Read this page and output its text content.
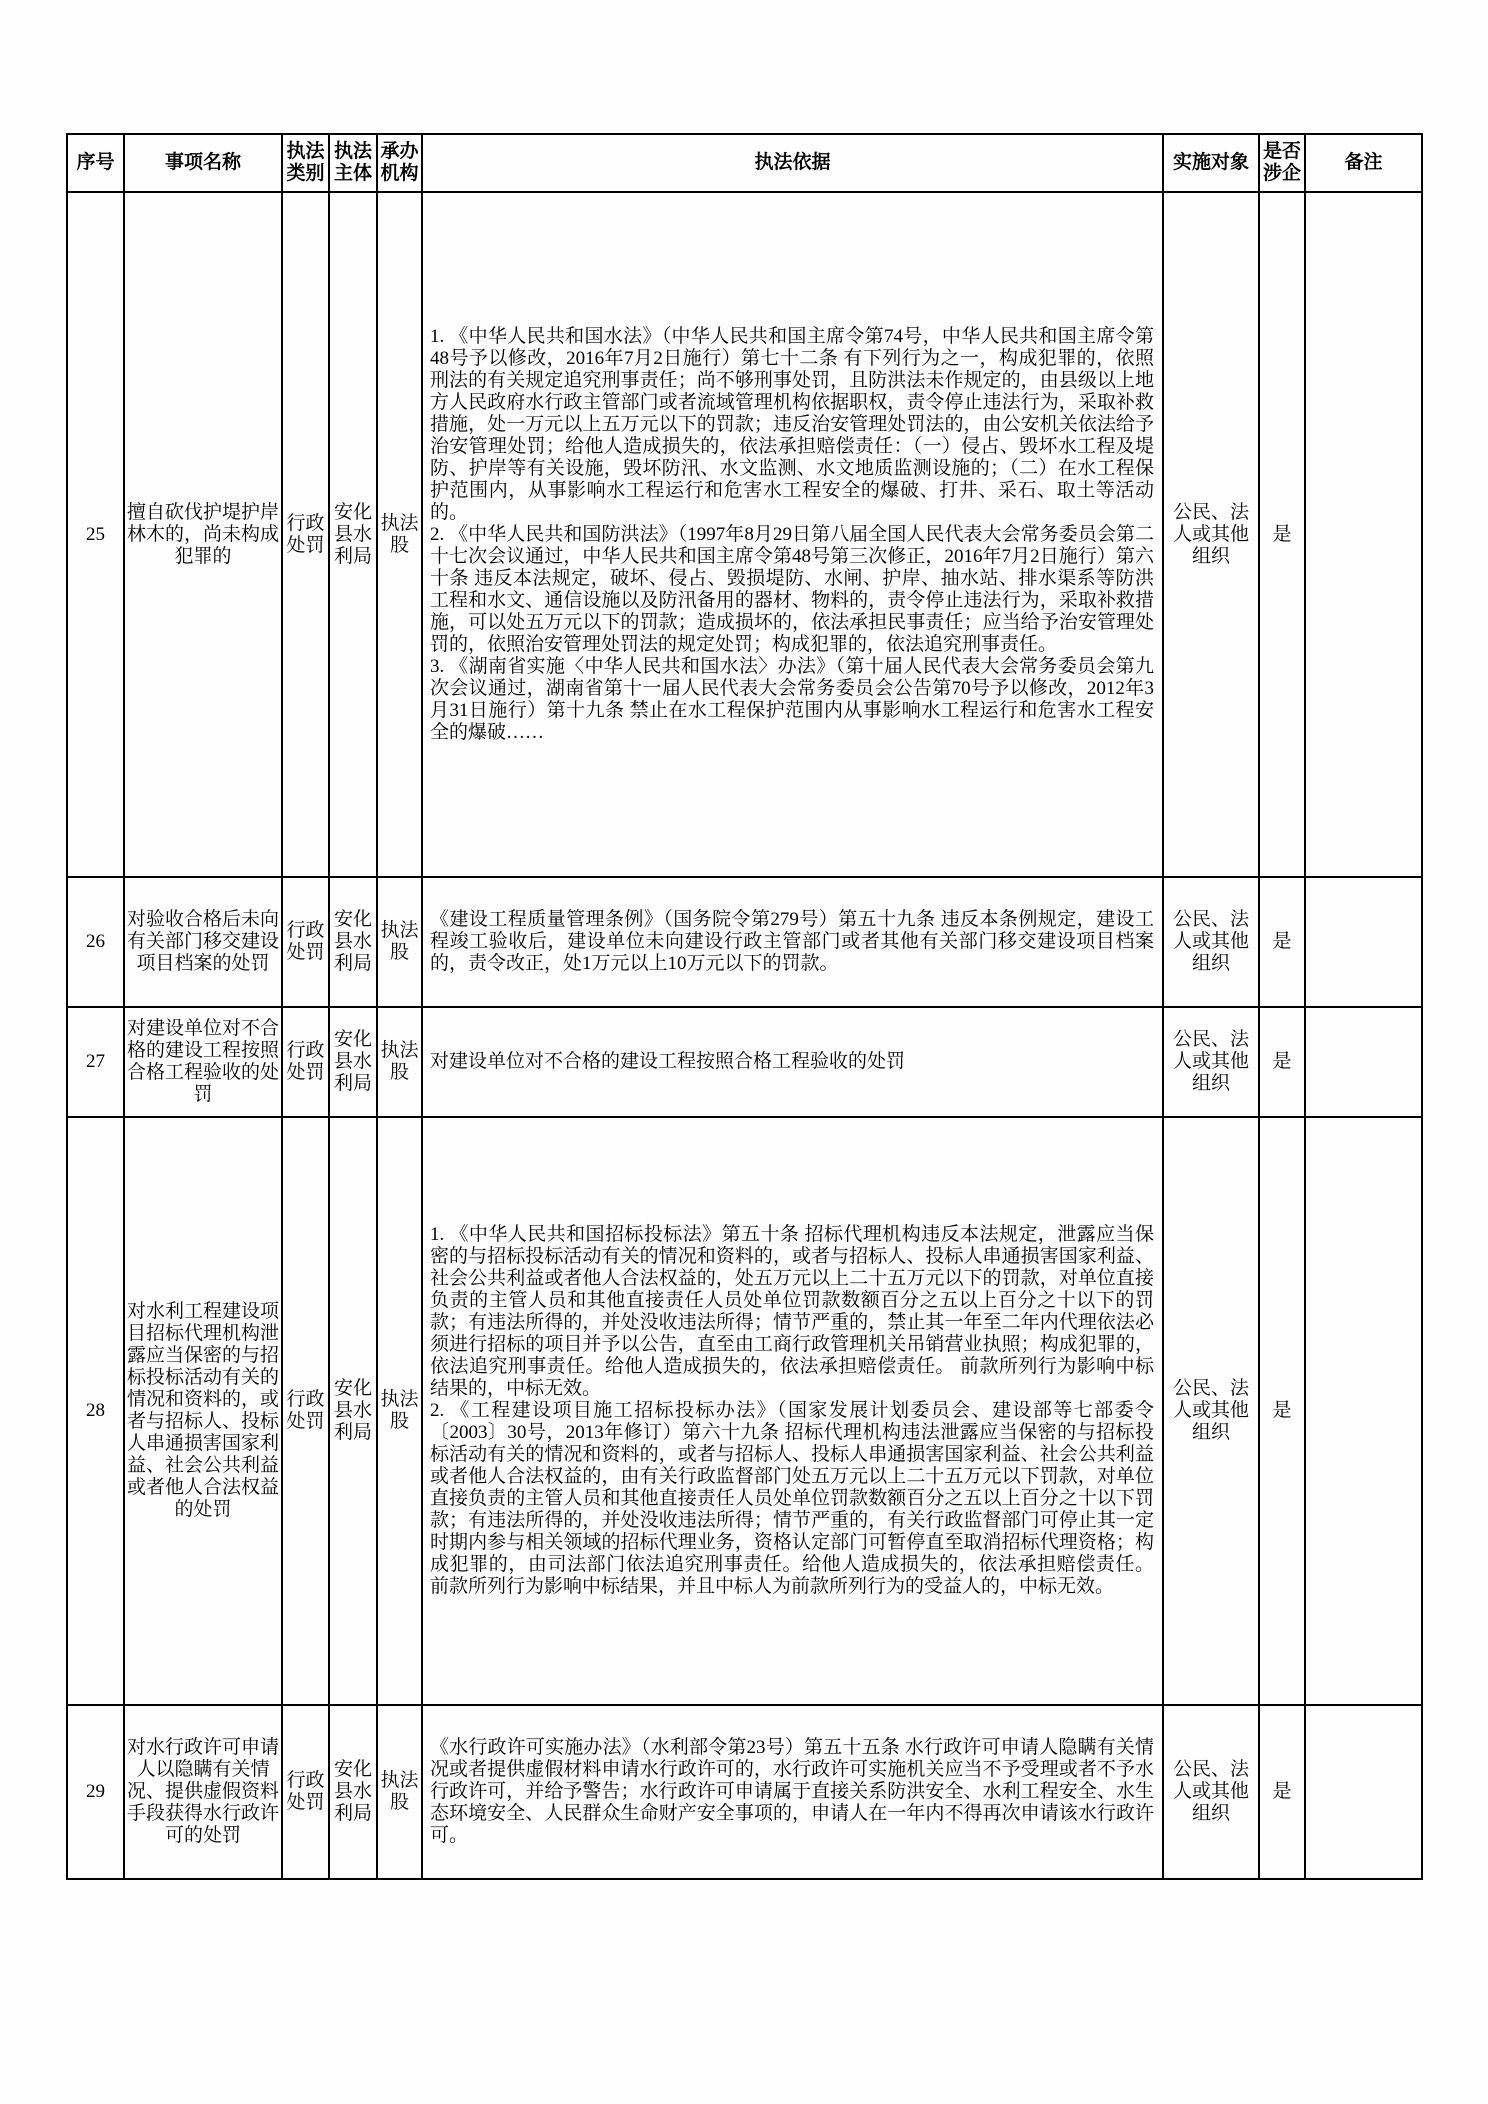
序号	事项名称	执法类别	执法主体	承办机构	执法依据	实施对象	是否涉企	备注
25	擅自砍伐护堤护岸林木的，尚未构成犯罪的	行政处罚	安化县水利局	执法股	1. 《中华人民共和国水法》（中华人民共和国主席令第74号，中华人民共和国主席令第48号予以修改，2016年7月2日施行）第七十二条 有下列行为之一，构成犯罪的，依照刑法的有关规定追究刑事责任；尚不够刑事处罚，且防洪法未作规定的，由县级以上地方人民政府水行政主管部门或者流域管理机构依据职权，责令停止违法行为，采取补救措施，处一万元以上五万元以下的罚款；违反治安管理处罚法的，由公安机关依法给予治安管理处罚；给他人造成损失的，依法承担赔偿责任：（一）侵占、毁坏水工程及堤防、护岸等有关设施，毁坏防汛、水文监测、水文地质监测设施的；（二）在水工程保护范围内，从事影响水工程运行和危害水工程安全的爆破、打井、采石、取土等活动的。
2. 《中华人民共和国防洪法》（1997年8月29日第八届全国人民代表大会常务委员会第二十七次会议通过，中华人民共和国主席令第48号第三次修正，2016年7月2日施行）第六十条 违反本法规定，破坏、侵占、毁损堤防、水闸、护岸、抽水站、排水渠系等防洪工程和水文、通信设施以及防汛备用的器材、物料的，责令停止违法行为，采取补救措施，可以处五万元以下的罚款；造成损坏的，依法承担民事责任；应当给予治安管理处罚的，依照治安管理处罚法的规定处罚；构成犯罪的，依法追究刑事责任。
3. 《湖南省实施〈中华人民共和国水法〉办法》（第十届人民代表大会常务委员会第九次会议通过，湖南省第十一届人民代表大会常务委员会公告第70号予以修改，2012年3月31日施行）第十九条 禁止在水工程保护范围内从事影响水工程运行和危害水工程安全的爆破……	公民、法人或其他组织	是	
26	对验收合格后未向有关部门移交建设项目档案的处罚	行政处罚	安化县水利局	执法股	《建设工程质量管理条例》（国务院令第279号）第五十九条 违反本条例规定，建设工程竣工验收后，建设单位未向建设行政主管部门或者其他有关部门移交建设项目档案的，责令改正，处1万元以上10万元以下的罚款。	公民、法人或其他组织	是	
27	对建设单位对不合格的建设工程按照合格工程验收的处罚	行政处罚	安化县水利局	执法股	对建设单位对不合格的建设工程按照合格工程验收的处罚	公民、法人或其他组织	是	
28	对水利工程建设项目招标代理机构泄露应当保密的与招标投标活动有关的情况和资料的，或者与招标人、投标人串通损害国家利益、社会公共利益或者他人合法权益的处罚	行政处罚	安化县水利局	执法股	1. 《中华人民共和国招标投标法》第五十条 招标代理机构违反本法规定，泄露应当保密的与招标投标活动有关的情况和资料的，或者与招标人、投标人串通损害国家利益、社会公共利益或者他人合法权益的，处五万元以上二十五万元以下的罚款，对单位直接负责的主管人员和其他直接责任人员处单位罚款数额百分之五以上百分之十以下的罚款；有违法所得的，并处没收违法所得；情节严重的，禁止其一年至二年内代理依法必须进行招标的项目并予以公告，直至由工商行政管理机关吊销营业执照；构成犯罪的，依法追究刑事责任。给他人造成损失的，依法承担赔偿责任。 前款所列行为影响中标结果的，中标无效。
2. 《工程建设项目施工招标投标办法》（国家发展计划委员会、建设部等七部委令〔2003〕30号，2013年修订）第六十九条 招标代理机构违法泄露应当保密的与招标投标活动有关的情况和资料的，或者与招标人、投标人串通损害国家利益、社会公共利益或者他人合法权益的，由有关行政监督部门处五万元以上二十五万元以下罚款，对单位直接负责的主管人员和其他直接责任人员处单位罚款数额百分之五以上百分之十以下罚款；有违法所得的，并处没收违法所得；情节严重的，有关行政监督部门可停止其一定时期内参与相关领域的招标代理业务，资格认定部门可暂停直至取消招标代理资格；构成犯罪的，由司法部门依法追究刑事责任。给他人造成损失的，依法承担赔偿责任。 前款所列行为影响中标结果，并且中标人为前款所列行为的受益人的，中标无效。	公民、法人或其他组织	是	
29	对水行政许可申请人以隐瞒有关情况、提供虚假资料手段获得水行政许可的处罚	行政处罚	安化县水利局	执法股	《水行政许可实施办法》（水利部令第23号）第五十五条 水行政许可申请人隐瞒有关情况或者提供虚假材料申请水行政许可的，水行政许可实施机关应当不予受理或者不予水行政许可，并给予警告；水行政许可申请属于直接关系防洪安全、水利工程安全、水生态环境安全、人民群众生命财产安全事项的，申请人在一年内不得再次申请该水行政许可。	公民、法人或其他组织	是	
